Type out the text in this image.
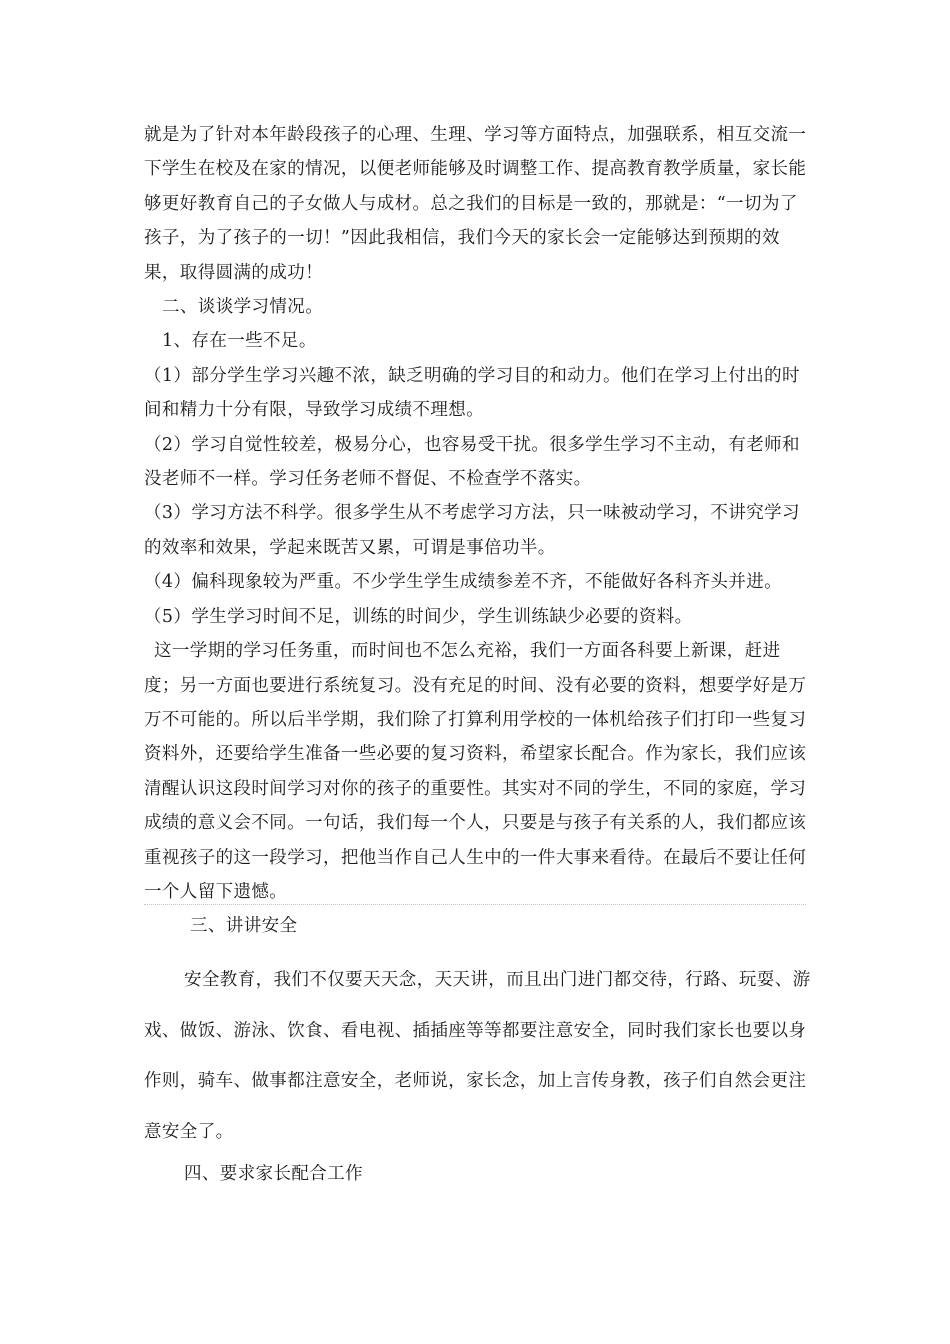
就是为了针对本年龄段孩子的心理、生理、学习等方面特点，加强联系，相互交流一下学生在校及在家的情况，以便老师能够及时调整工作、提高教育教学质量，家长能够更好教育自己的子女做人与成材。总之我们的目标是一致的，那就是：“一切为了孩子，为了孩子的一切！”因此我相信，我们今天的家长会一定能够达到预期的效果，取得圆满的成功！

二、谈谈学习情况。

1、存在一些不足。

（1）部分学生学习兴趣不浓，缺乏明确的学习目的和动力。他们在学习上付出的时间和精力十分有限，导致学习成绩不理想。

（2）学习自觉性较差，极易分心，也容易受干扰。很多学生学习不主动，有老师和没老师不一样。学习任务老师不督促、不检查学不落实。

（3）学习方法不科学。很多学生从不考虑学习方法，只一味被动学习，不讲究学习的效率和效果，学起来既苦又累，可谓是事倍功半。

（4）偏科现象较为严重。不少学生学生成绩参差不齐，不能做好各科齐头并进。

（5）学生学习时间不足，训练的时间少，学生训练缺少必要的资料。

这一学期的学习任务重，而时间也不怎么充裕，我们一方面各科要上新课，赶进度；另一方面也要进行系统复习。没有充足的时间、没有必要的资料，想要学好是万万不可能的。所以后半学期，我们除了打算利用学校的一体机给孩子们打印一些复习资料外，还要给学生准备一些必要的复习资料，希望家长配合。作为家长，我们应该清醒认识这段时间学习对你的孩子的重要性。其实对不同的学生，不同的家庭，学习成绩的意义会不同。一句话，我们每一个人，只要是与孩子有关系的人，我们都应该重视孩子的这一段学习，把他当作自己人生中的一件大事来看待。在最后不要让任何一个人留下遗憾。

三、讲讲安全
安全教育，我们不仅要天天念，天天讲，而且出门进门都交待，行路、玩耍、游戏、做饭、游泳、饮食、看电视、插插座等等都要注意安全，同时我们家长也要以身作则，骑车、做事都注意安全，老师说，家长念，加上言传身教，孩子们自然会更注意安全了。
四、要求家长配合工作
